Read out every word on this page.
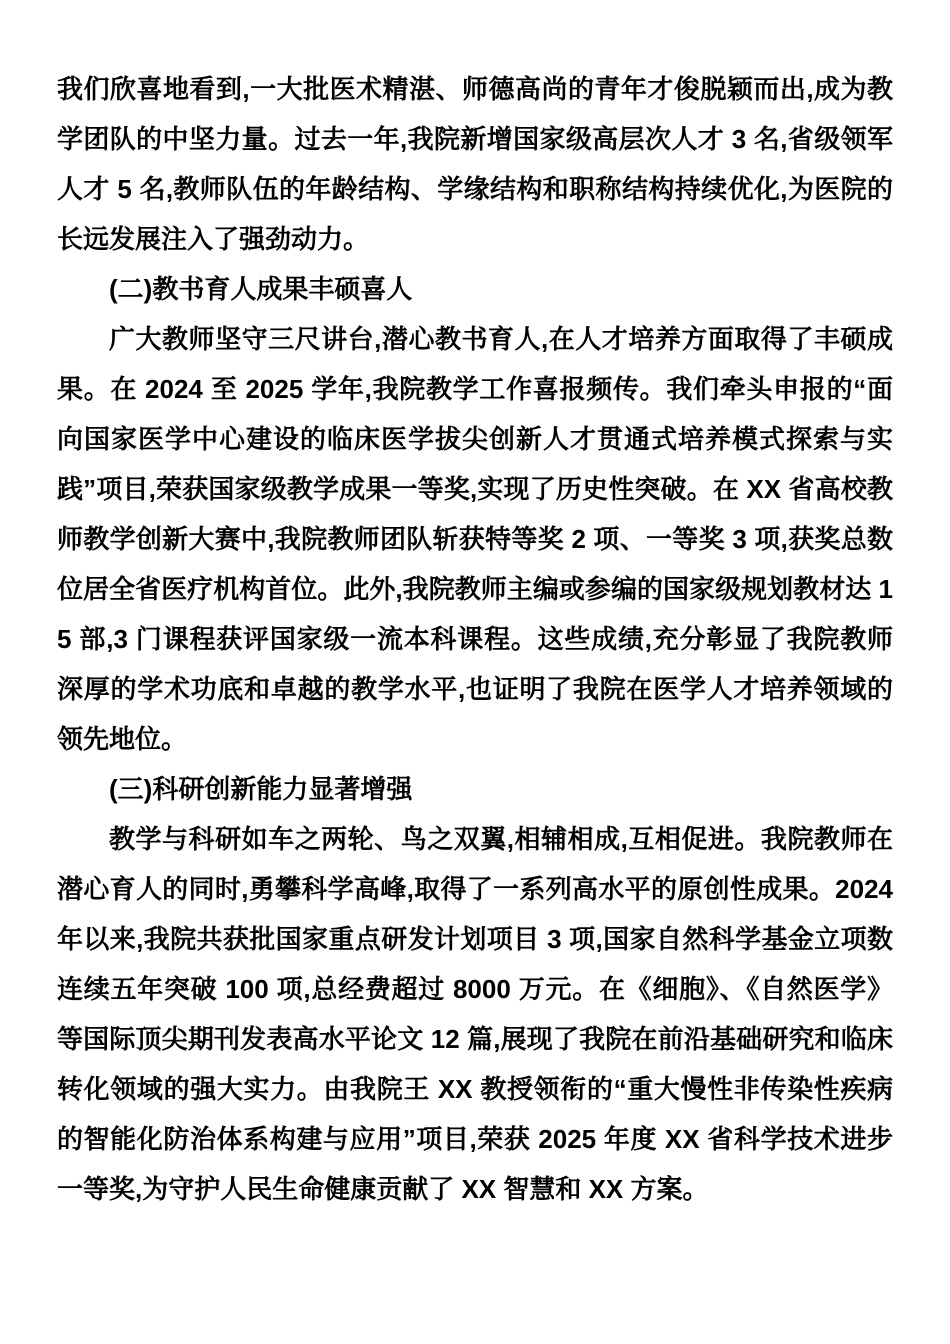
我们欣喜地看到,一大批医术精湛、师德高尚的青年才俊脱颖而出,成为教学团队的中坚力量。过去一年,我院新增国家级高层次人才 3 名,省级领军人才 5 名,教师队伍的年龄结构、学缘结构和职称结构持续优化,为医院的长远发展注入了强劲动力。

(二)教书育人成果丰硕喜人

广大教师坚守三尺讲台,潜心教书育人,在人才培养方面取得了丰硕成果。在 2024 至 2025 学年,我院教学工作喜报频传。我们牵头申报的“面向国家医学中心建设的临床医学拔尖创新人才贯通式培养模式探索与实践”项目,荣获国家级教学成果一等奖,实现了历史性突破。在 XX 省高校教师教学创新大赛中,我院教师团队斩获特等奖 2 项、一等奖 3 项,获奖总数位居全省医疗机构首位。此外,我院教师主编或参编的国家级规划教材达 15 部,3 门课程获评国家级一流本科课程。这些成绩,充分彰显了我院教师深厚的学术功底和卓越的教学水平,也证明了我院在医学人才培养领域的领先地位。

(三)科研创新能力显著增强

教学与科研如车之两轮、鸟之双翼,相辅相成,互相促进。我院教师在潜心育人的同时,勇攀科学高峰,取得了一系列高水平的原创性成果。2024 年以来,我院共获批国家重点研发计划项目 3 项,国家自然科学基金立项数连续五年突破 100 项,总经费超过 8000 万元。在《细胞》、《自然医学》等国际顶尖期刊发表高水平论文 12 篇,展现了我院在前沿基础研究和临床转化领域的强大实力。由我院王 XX 教授领衔的“重大慢性非传染性疾病的智能化防治体系构建与应用”项目,荣获 2025 年度 XX 省科学技术进步一等奖,为守护人民生命健康贡献了 XX 智慧和 XX 方案。
